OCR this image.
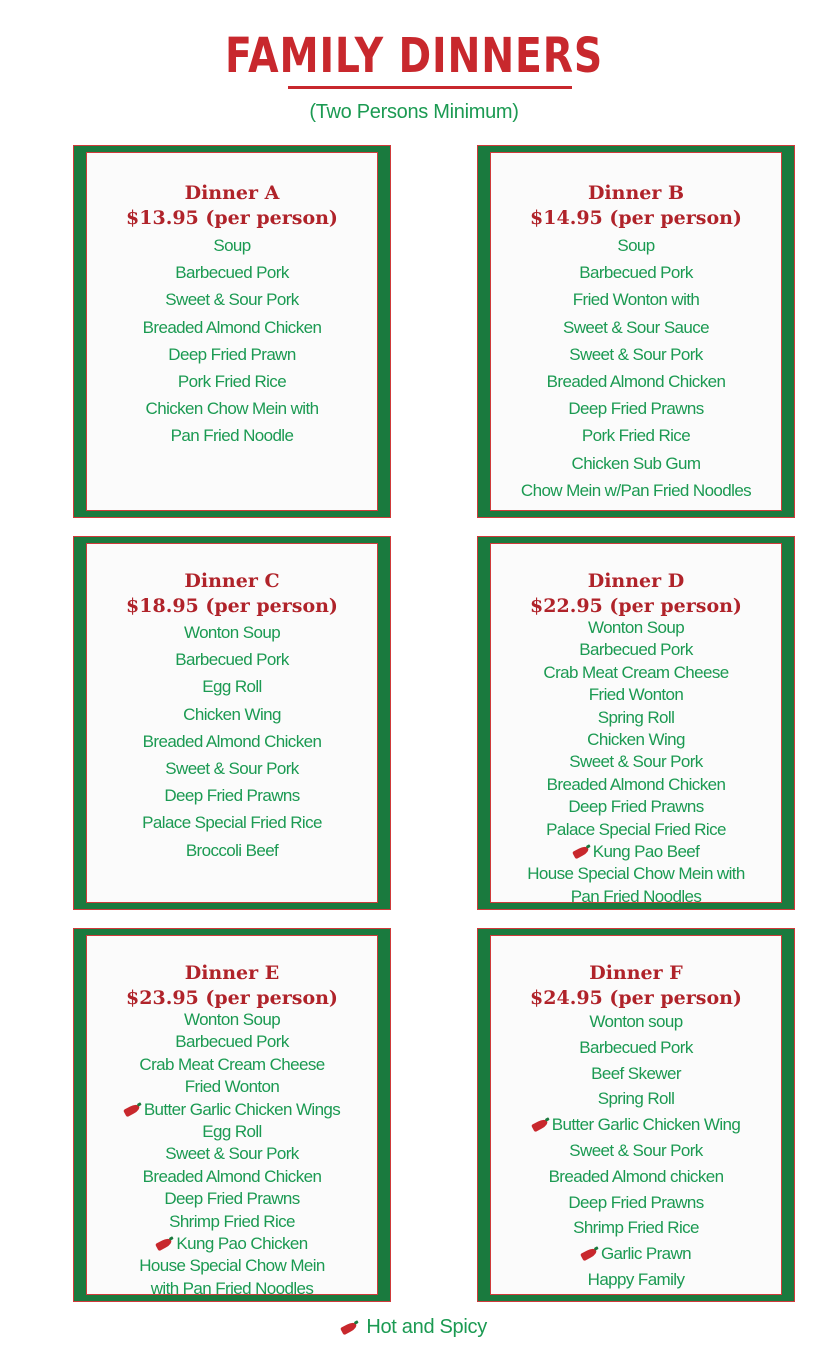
FAMILY DINNERS
(Two Persons Minimum)
Dinner A
$13.95 (per person)
Soup
Barbecued Pork
Sweet & Sour Pork
Breaded Almond Chicken
Deep Fried Prawn
Pork Fried Rice
Chicken Chow Mein with
Pan Fried Noodle
Dinner B
$14.95 (per person)
Soup
Barbecued Pork
Fried Wonton with
Sweet & Sour Sauce
Sweet & Sour Pork
Breaded Almond Chicken
Deep Fried Prawns
Pork Fried Rice
Chicken Sub Gum
Chow Mein w/Pan Fried Noodles
Dinner C
$18.95 (per person)
Wonton Soup
Barbecued Pork
Egg Roll
Chicken Wing
Breaded Almond Chicken
Sweet & Sour Pork
Deep Fried Prawns
Palace Special Fried Rice
Broccoli Beef
Dinner D
$22.95 (per person)
Wonton Soup
Barbecued Pork
Crab Meat Cream Cheese
Fried Wonton
Spring Roll
Chicken Wing
Sweet & Sour Pork
Breaded Almond Chicken
Deep Fried Prawns
Palace Special Fried Rice
Kung Pao Beef
House Special Chow Mein with
Pan Fried Noodles
Dinner E
$23.95 (per person)
Wonton Soup
Barbecued Pork
Crab Meat Cream Cheese
Fried Wonton
Butter Garlic Chicken Wings
Egg Roll
Sweet & Sour Pork
Breaded Almond Chicken
Deep Fried Prawns
Shrimp Fried Rice
Kung Pao Chicken
House Special Chow Mein
with Pan Fried Noodles
Dinner F
$24.95 (per person)
Wonton soup
Barbecued Pork
Beef Skewer
Spring Roll
Butter Garlic Chicken Wing
Sweet & Sour Pork
Breaded Almond chicken
Deep Fried Prawns
Shrimp Fried Rice
Garlic Prawn
Happy Family
Hot and Spicy
